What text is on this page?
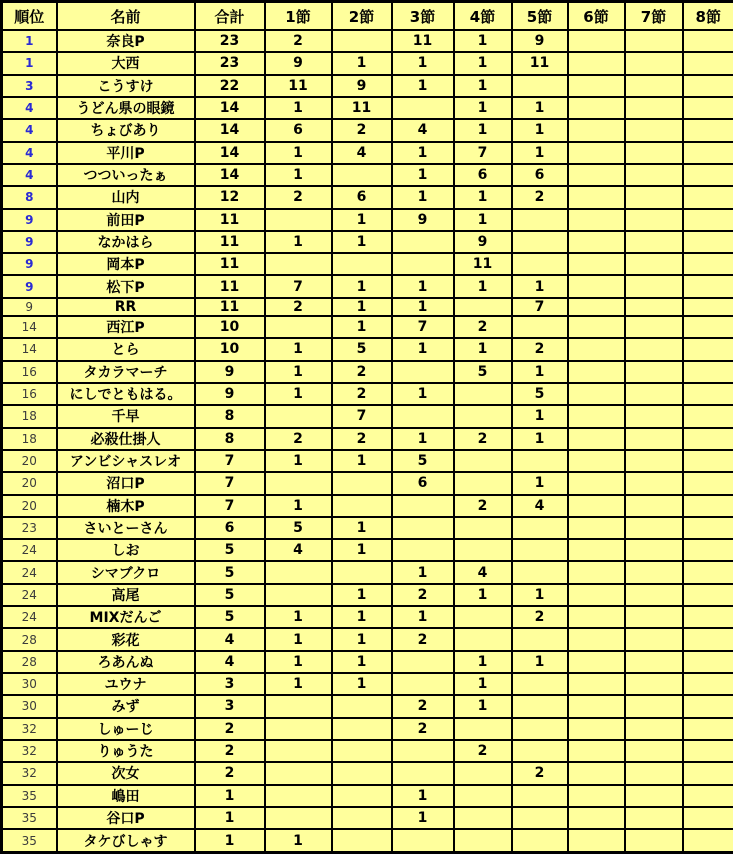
順位	名前	合計	1節	2節	3節	4節	5節	6節	7節	8節
1	奈良P	23	2		11	1	9			
1	大西	23	9	1	1	1	11			
3	こうすけ	22	11	9	1	1				
4	うどん県の眼鏡	14	1	11		1	1			
4	ちょびあり	14	6	2	4	1	1			
4	平川P	14	1	4	1	7	1			
4	つついったぁ	14	1		1	6	6			
8	山内	12	2	6	1	1	2			
9	前田P	11		1	9	1				
9	なかはら	11	1	1		9				
9	岡本P	11				11				
9	松下P	11	7	1	1	1	1			
9	RR	11	2	1	1		7			
14	西江P	10		1	7	2				
14	とら	10	1	5	1	1	2			
16	タカラマーチ	9	1	2		5	1			
16	にしでともはる。	9	1	2	1		5			
18	千早	8		7			1			
18	必殺仕掛人	8	2	2	1	2	1			
20	アンビシャスレオ	7	1	1	5					
20	沼口P	7			6		1			
20	楠木P	7	1			2	4			
23	さいとーさん	6	5	1						
24	しお	5	4	1						
24	シマブクロ	5			1	4				
24	高尾	5		1	2	1	1			
24	MIXだんご	5	1	1	1		2			
28	彩花	4	1	1	2					
28	ろあんぬ	4	1	1		1	1			
30	ユウナ	3	1	1		1				
30	みず	3			2	1				
32	しゅーじ	2			2					
32	りゅうた	2				2				
32	次女	2					2			
35	嶋田	1			1					
35	谷口P	1			1					
35	タケびしゃす	1	1							
